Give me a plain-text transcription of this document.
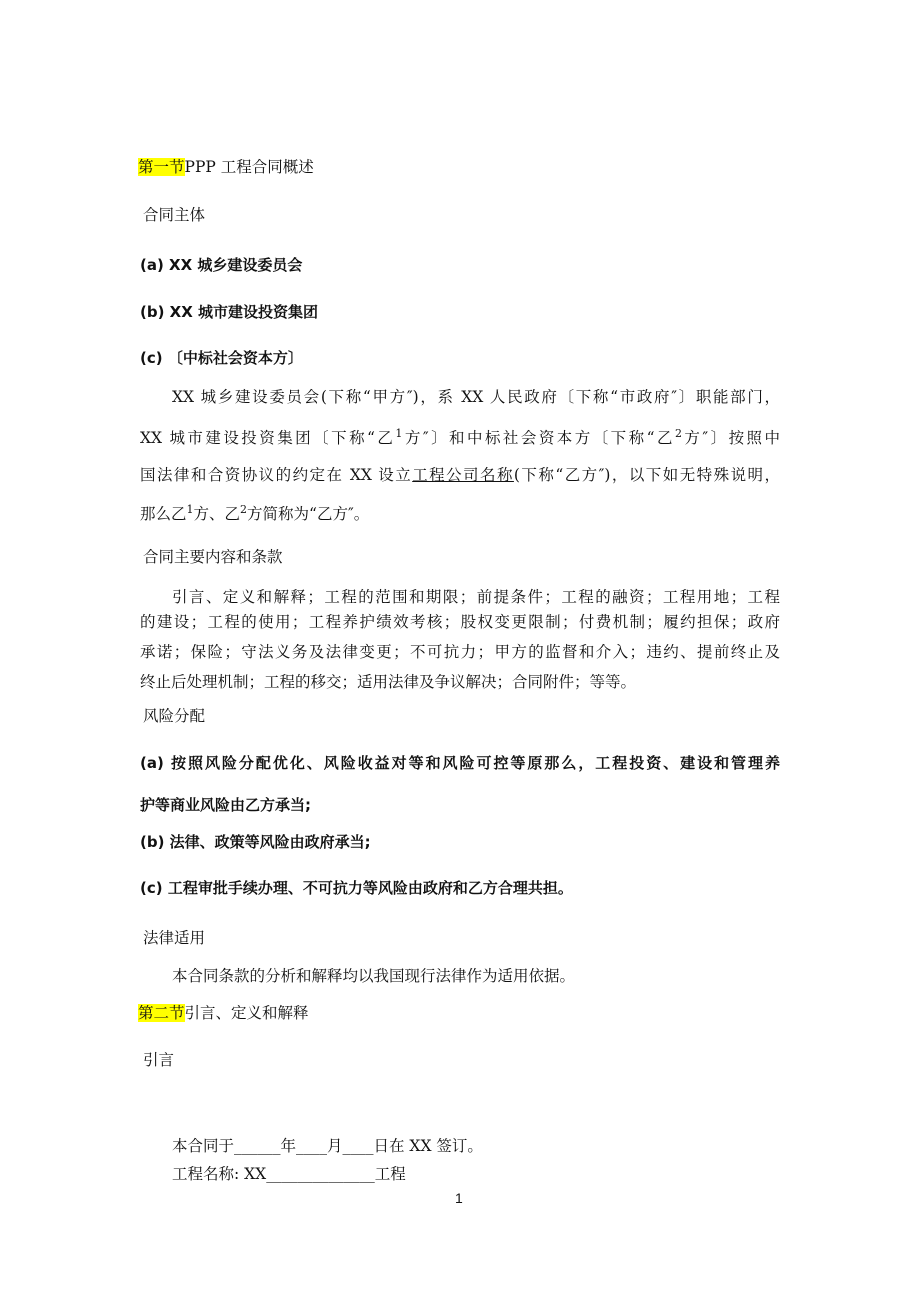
第一节PPP 工程合同概述
合同主体
(a) XX 城乡建设委员会
(b) XX 城市建设投资集团
(c) 〔中标社会资本方〕
XX 城乡建设委员会(下称“甲方″)，系 XX 人民政府〔下称“市政府″〕职能部门，
XX 城市建设投资集团〔下称“乙$^1$方″〕和中标社会资本方〔下称“乙$^2$方″〕按照中
国法律和合资协议的约定在 XX 设立工程公司名称(下称“乙方″)，以下如无特殊说明，
那么乙$^1$方、乙$^2$方简称为“乙方″。
合同主要内容和条款
引言、定义和解释；工程的范围和期限；前提条件；工程的融资；工程用地；工程
的建设；工程的使用；工程养护绩效考核；股权变更限制；付费机制；履约担保；政府
承诺；保险；守法义务及法律变更；不可抗力；甲方的监督和介入；违约、提前终止及
终止后处理机制；工程的移交；适用法律及争议解决；合同附件；等等。
风险分配
(a) 按照风险分配优化、风险收益对等和风险可控等原那么，工程投资、建设和管理养
护等商业风险由乙方承当;
(b) 法律、政策等风险由政府承当;
(c) 工程审批手续办理、不可抗力等风险由政府和乙方合理共担。
法律适用
本合同条款的分析和解释均以我国现行法律作为适用依据。
第二节引言、定义和解释
引言
本合同于______年____月____日在 XX 签订。
工程名称: XX______________工程
1
